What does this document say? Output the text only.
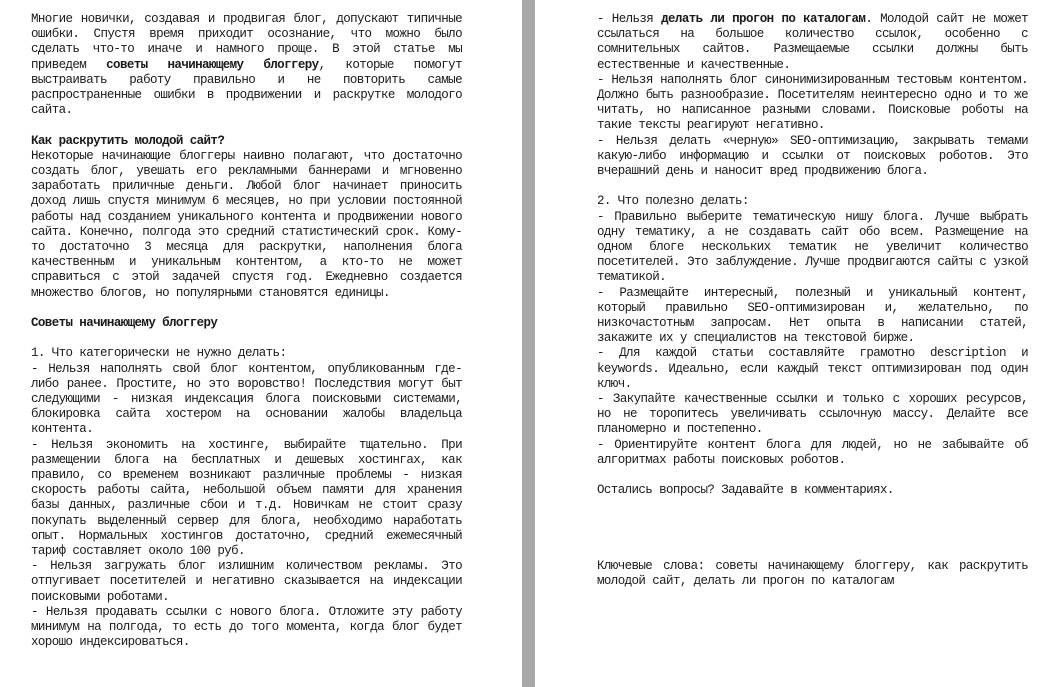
Многие новички, создавая и продвигая блог, допускают типичные ошибки. Спустя время приходит осознание, что можно было сделать что-то иначе и намного проще. В этой статье мы приведем советы начинающему блоггеру, которые помогут выстраивать работу правильно и не повторить самые распространенные ошибки в продвижении и раскрутке молодого сайта.

Как раскрутить молодой сайт?

Некоторые начинающие блоггеры наивно полагают, что достаточно создать блог, увешать его рекламными баннерами и мгновенно заработать приличные деньги. Любой блог начинает приносить доход лишь спустя минимум 6 месяцев, но при условии постоянной работы над созданием уникального контента и продвижении нового сайта. Конечно, полгода это средний статистический срок. Кому-то достаточно 3 месяца для раскрутки, наполнения блога качественным и уникальным контентом, а кто-то не может справиться с этой задачей спустя год. Ежедневно создается множество блогов, но популярными становятся единицы.

Советы начинающему блоггеру

1. Что категорически не нужно делать:

- Нельзя наполнять свой блог контентом, опубликованным где-либо ранее. Простите, но это воровство! Последствия могут быт следующими - низкая индексация блога поисковыми системами, блокировка сайта хостером на основании жалобы владельца контента.

- Нельзя экономить на хостинге, выбирайте тщательно. При размещении блога на бесплатных и дешевых хостингах, как правило, со временем возникают различные проблемы - низкая скорость работы сайта, небольшой объем памяти для хранения базы данных, различные сбои и т.д. Новичкам не стоит сразу покупать выделенный сервер для блога, необходимо наработать опыт. Нормальных хостингов достаточно, средний ежемесячный тариф составляет около 100 руб.

- Нельзя загружать блог излишним количеством рекламы. Это отпугивает посетителей и негативно сказывается на индексации поисковыми роботами.

- Нельзя продавать ссылки с нового блога. Отложите эту работу минимум на полгода, то есть до того момента, когда блог будет хорошо индексироваться.

- Нельзя делать ли прогон по каталогам. Молодой сайт не может ссылаться на большое количество ссылок, особенно с сомнительных сайтов. Размещаемые ссылки должны быть естественные и качественные.

- Нельзя наполнять блог синонимизированным тестовым контентом. Должно быть разнообразие. Посетителям неинтересно одно и то же читать, но написанное разными словами. Поисковые роботы на такие тексты реагируют негативно.

- Нельзя делать «черную» SEO-оптимизацию, закрывать темами какую-либо информацию и ссылки от поисковых роботов. Это вчерашний день и наносит вред продвижению блога.

2. Что полезно делать:

- Правильно выберите тематическую нишу блога. Лучше выбрать одну тематику, а не создавать сайт обо всем. Размещение на одном блоге нескольких тематик не увеличит количество посетителей. Это заблуждение. Лучше продвигаются сайты с узкой тематикой.

- Размещайте интересный, полезный и уникальный контент, который правильно SEO-оптимизирован и, желательно, по низкочастотным запросам. Нет опыта в написании статей, закажите их у специалистов на текстовой бирже.

- Для каждой статьи составляйте грамотно description и keywords. Идеально, если каждый текст оптимизирован под один ключ.

- Закупайте качественные ссылки и только с хороших ресурсов, но не торопитесь увеличивать ссылочную массу. Делайте все планомерно и постепенно.

- Ориентируйте контент блога для людей, но не забывайте об алгоритмах работы поисковых роботов.

Остались вопросы? Задавайте в комментариях.

Ключевые слова: советы начинающему блоггеру, как раскрутить молодой сайт, делать ли прогон по каталогам
